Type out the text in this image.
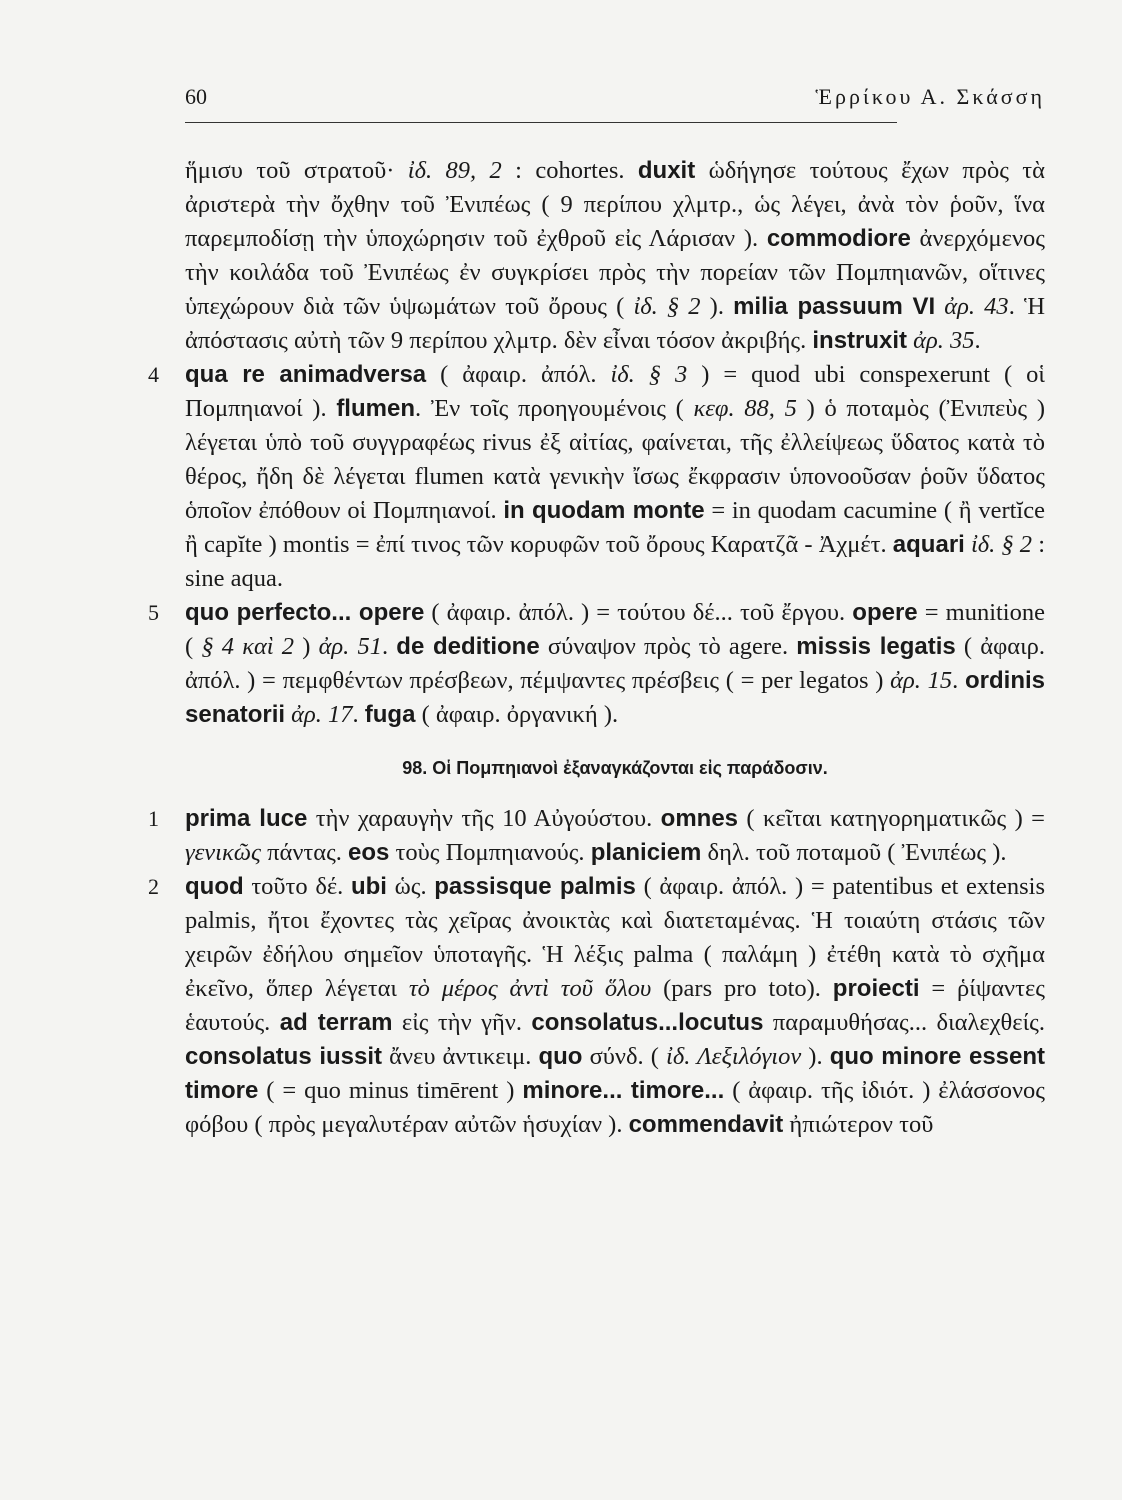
60	Ἑρρίκου Α. Σκάσση
ἥμισυ τοῦ στρατοῦ· ἰδ. 89, 2 : cohortes. duxit ὡδήγησε τούτους ἔχων πρὸς τὰ ἀριστερὰ τὴν ὄχθην τοῦ Ἐνιπέως ( 9 περίπου χλμτρ., ὡς λέγει, ἀνὰ τὸν ῥοῦν, ἵνα παρεμποδίσῃ τὴν ὑποχώρησιν τοῦ ἐχθροῦ εἰς Λάρισαν ). commodiore ἀνερχόμενος τὴν κοιλάδα τοῦ Ἐνιπέως ἐν συγκρίσει πρὸς τὴν πορείαν τῶν Πομπηιανῶν, οἵτινες ὑπεχώρουν διὰ τῶν ὑψωμάτων τοῦ ὄρους ( ἰδ. § 2 ). milia passuum VI ἀρ. 43. Ἡ ἀπόστασις αὐτὴ τῶν 9 περίπου χλμτρ. δὲν εἶναι τόσον ἀκριβής. instruxit ἀρ. 35.
4 qua re animadversa ( ἀφαιρ. ἀπόλ. ἰδ. § 3 ) = quod ubi conspexerunt ( οἱ Πομπηιανοί ). flumen. Ἐν τοῖς προηγουμένοις ( κεφ. 88, 5 ) ὁ ποταμὸς (Ἐνιπεὺς ) λέγεται ὑπὸ τοῦ συγγραφέως rivus ἐξ αἰτίας, φαίνεται, τῆς ἐλλείψεως ὕδατος κατὰ τὸ θέρος, ἤδη δὲ λέγεται flumen κατὰ γενικὴν ἴσως ἔκφρασιν ὑπονοοῦσαν ῥοῦν ὕδατος ὁποῖον ἐπόθουν οἱ Πομπηιανοί. in quodam monte = in quodam cacumine ( ἢ vertĭce ἢ capĭte ) montis = ἐπί τινος τῶν κορυφῶν τοῦ ὄρους Καρατζᾶ - Ἀχμέτ. aquari ἰδ. § 2 : sine aqua.
5 quo perfecto... opere ( ἀφαιρ. ἀπόλ. ) = τούτου δέ... τοῦ ἔργου. opere = munitione ( § 4 καὶ 2 ) ἀρ. 51. de deditione σύναψον πρὸς τὸ agere. missis legatis ( ἀφαιρ. ἀπόλ. ) = πεμφθέντων πρέσβεων, πέμψαντες πρέσβεις ( = per legatos ) ἀρ. 15. ordinis senatorii ἀρ. 17. fuga ( ἀφαιρ. ὀργανική ).
98. Οἱ Πομπηιανοὶ ἐξαναγκάζονται εἰς παράδοσιν.
1 prima luce τὴν χαραυγὴν τῆς 10 Αὐγούστου. omnes ( κεῖται κατηγορηματικῶς ) = γενικῶς πάντας. eos τοὺς Πομπηιανούς. planiciem δηλ. τοῦ ποταμοῦ ( Ἐνιπέως ).
2 quod τοῦτο δέ. ubi ὡς. passisque palmis ( ἀφαιρ. ἀπόλ. ) = patentibus et extensis palmis, ἤτοι ἔχοντες τὰς χεῖρας ἀνοικτὰς καὶ διατεταμένας. Ἡ τοιαύτη στάσις τῶν χειρῶν ἐδήλου σημεῖον ὑποταγῆς. Ἡ λέξις palma ( παλάμη ) ἐτέθη κατὰ τὸ σχῆμα ἐκεῖνο, ὅπερ λέγεται τὸ μέρος ἀντὶ τοῦ ὅλου (pars pro toto). proiecti = ῥίψαντες ἑαυτούς. ad terram εἰς τὴν γῆν. consolatus...locutus παραμυθήσας... διαλεχθείς. consolatus iussit ἄνευ ἀντικειμ. quo σύνδ. ( ἰδ. Λεξιλόγιον ). quo minore essent timore ( = quo minus timērent ) minore... timore... ( ἀφαιρ. τῆς ἰδιότ. ) ἐλάσσονος φόβου ( πρὸς μεγαλυτέραν αὐτῶν ἡσυχίαν ). commendavit ἠπιώτερον τοῦ
